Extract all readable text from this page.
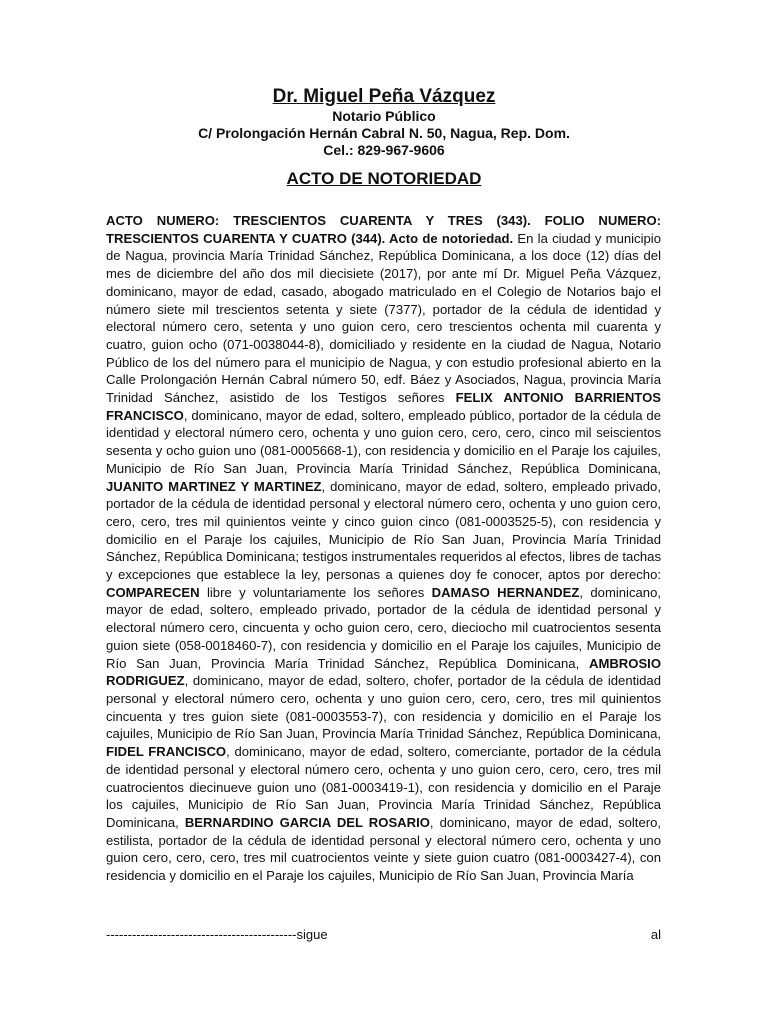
Dr. Miguel Peña Vázquez

Notario Público

C/ Prolongación Hernán Cabral N. 50, Nagua, Rep. Dom.

Cel.: 829-967-9606

ACTO DE NOTORIEDAD

ACTO NUMERO: TRESCIENTOS CUARENTA Y TRES (343). FOLIO NUMERO: TRESCIENTOS CUARENTA Y CUATRO (344). Acto de notoriedad. En la ciudad y municipio de Nagua, provincia María Trinidad Sánchez, República Dominicana, a los doce (12) días del mes de diciembre del año dos mil diecisiete (2017), por ante mí Dr. Miguel Peña Vázquez, dominicano, mayor de edad, casado, abogado matriculado en el Colegio de Notarios bajo el número siete mil trescientos setenta y siete (7377), portador de la cédula de identidad y electoral número cero, setenta y uno guion cero, cero trescientos ochenta mil cuarenta y cuatro, guion ocho (071-0038044-8), domiciliado y residente en la ciudad de Nagua, Notario Público de los del número para el municipio de Nagua, y con estudio profesional abierto en la Calle Prolongación Hernán Cabral número 50, edf. Báez y Asociados, Nagua, provincia María Trinidad Sánchez, asistido de los Testigos señores FELIX ANTONIO BARRIENTOS FRANCISCO, dominicano, mayor de edad, soltero, empleado público, portador de la cédula de identidad y electoral número cero, ochenta y uno guion cero, cero, cero, cinco mil seiscientos sesenta y ocho guion uno (081-0005668-1), con residencia y domicilio en el Paraje los cajuiles, Municipio de Río San Juan, Provincia María Trinidad Sánchez, República Dominicana, JUANITO MARTINEZ Y MARTINEZ, dominicano, mayor de edad, soltero, empleado privado, portador de la cédula de identidad personal y electoral número cero, ochenta y uno guion cero, cero, cero, tres mil quinientos veinte y cinco guion cinco (081-0003525-5), con residencia y domicilio en el Paraje los cajuiles, Municipio de Río San Juan, Provincia María Trinidad Sánchez, República Dominicana; testigos instrumentales requeridos al efectos, libres de tachas y excepciones que establece la ley, personas a quienes doy fe conocer, aptos por derecho: COMPARECEN libre y voluntariamente los señores DAMASO HERNANDEZ, dominicano, mayor de edad, soltero, empleado privado, portador de la cédula de identidad personal y electoral número cero, cincuenta y ocho guion cero, cero, dieciocho mil cuatrocientos sesenta guion siete (058-0018460-7), con residencia y domicilio en el Paraje los cajuiles, Municipio de Río San Juan, Provincia María Trinidad Sánchez, República Dominicana, AMBROSIO RODRIGUEZ, dominicano, mayor de edad, soltero, chofer, portador de la cédula de identidad personal y electoral número cero, ochenta y uno guion cero, cero, cero, tres mil quinientos cincuenta y tres guion siete (081-0003553-7), con residencia y domicilio en el Paraje los cajuiles, Municipio de Río San Juan, Provincia María Trinidad Sánchez, República Dominicana, FIDEL FRANCISCO, dominicano, mayor de edad, soltero, comerciante, portador de la cédula de identidad personal y electoral número cero, ochenta y uno guion cero, cero, cero, tres mil cuatrocientos diecinueve guion uno (081-0003419-1), con residencia y domicilio en el Paraje los cajuiles, Municipio de Río San Juan, Provincia María Trinidad Sánchez, República Dominicana, BERNARDINO GARCIA DEL ROSARIO, dominicano, mayor de edad, soltero, estilista, portador de la cédula de identidad personal y electoral número cero, ochenta y uno guion cero, cero, cero, tres mil cuatrocientos veinte y siete guion cuatro (081-0003427-4), con residencia y domicilio en el Paraje los cajuiles, Municipio de Río San Juan, Provincia María

--------------------------------------------sigue	al
